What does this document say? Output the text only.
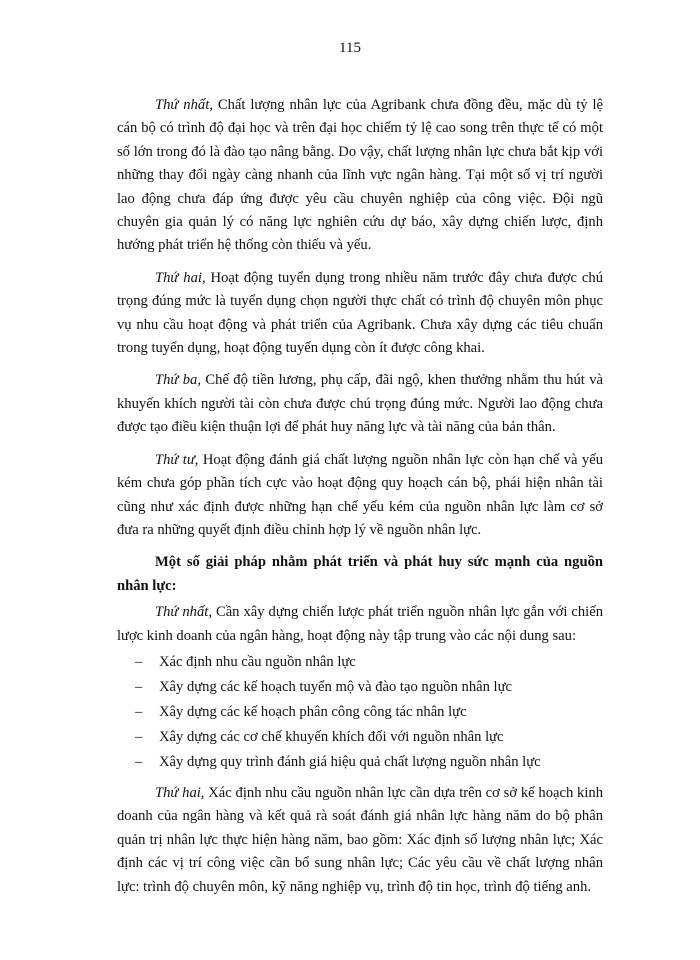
115

Thứ nhất, Chất lượng nhân lực của Agribank chưa đồng đều, mặc dù tỷ lệ cán bộ có trình độ đại học và trên đại học chiếm tỷ lệ cao song trên thực tế có một số lớn trong đó là đào tạo nâng bằng. Do vậy, chất lượng nhân lực chưa bắt kịp với những thay đổi ngày càng nhanh của lĩnh vực ngân hàng. Tại một số vị trí người lao động chưa đáp ứng được yêu cầu chuyên nghiệp của công việc. Đội ngũ chuyên gia quản lý có năng lực nghiên cứu dự báo, xây dựng chiến lược, định hướng phát triển hệ thống còn thiếu và yếu.

Thứ hai, Hoạt động tuyển dụng trong nhiều năm trước đây chưa được chú trọng đúng mức là tuyển dụng chọn người thực chất có trình độ chuyên môn phục vụ nhu cầu hoạt động và phát triển của Agribank. Chưa xây dựng các tiêu chuẩn trong tuyển dụng, hoạt động tuyển dụng còn ít được công khai.

Thứ ba, Chế độ tiền lương, phụ cấp, đãi ngộ, khen thưởng nhằm thu hút và khuyến khích người tài còn chưa được chú trọng đúng mức. Người lao động chưa được tạo điều kiện thuận lợi để phát huy năng lực và tài năng của bản thân.

Thứ tư, Hoạt động đánh giá chất lượng nguồn nhân lực còn hạn chế và yếu kém chưa góp phần tích cực vào hoạt động quy hoạch cán bộ, phái hiện nhân tài cũng như xác định được những hạn chế yếu kém của nguồn nhân lực làm cơ sở đưa ra những quyết định điều chỉnh hợp lý về nguồn nhân lực.

Một số giải pháp nhằm phát triển và phát huy sức mạnh của nguồn nhân lực:

Thứ nhất, Cần xây dựng chiến lược phát triển nguồn nhân lực gắn với chiến lược kinh doanh của ngân hàng, hoạt động này tập trung vào các nội dung sau:

– Xác định nhu cầu nguồn nhân lực
– Xây dựng các kế hoạch tuyển mộ và đào tạo nguồn nhân lực
– Xây dựng các kế hoạch phân công công tác nhân lực
– Xây dựng các cơ chế khuyến khích đối với nguồn nhân lực
– Xây dựng quy trình đánh giá hiệu quả chất lượng nguồn nhân lực

Thứ hai, Xác định nhu cầu nguồn nhân lực cần dựa trên cơ sở kế hoạch kinh doanh của ngân hàng và kết quả rà soát đánh giá nhân lực hàng năm do bộ phân quản trị nhân lực thực hiện hàng năm, bao gồm: Xác định số lượng nhân lực; Xác định các vị trí công việc cần bổ sung nhân lực; Các yêu cầu về chất lượng nhân lực: trình độ chuyên môn, kỹ năng nghiệp vụ, trình độ tin học, trình độ tiếng anh.
